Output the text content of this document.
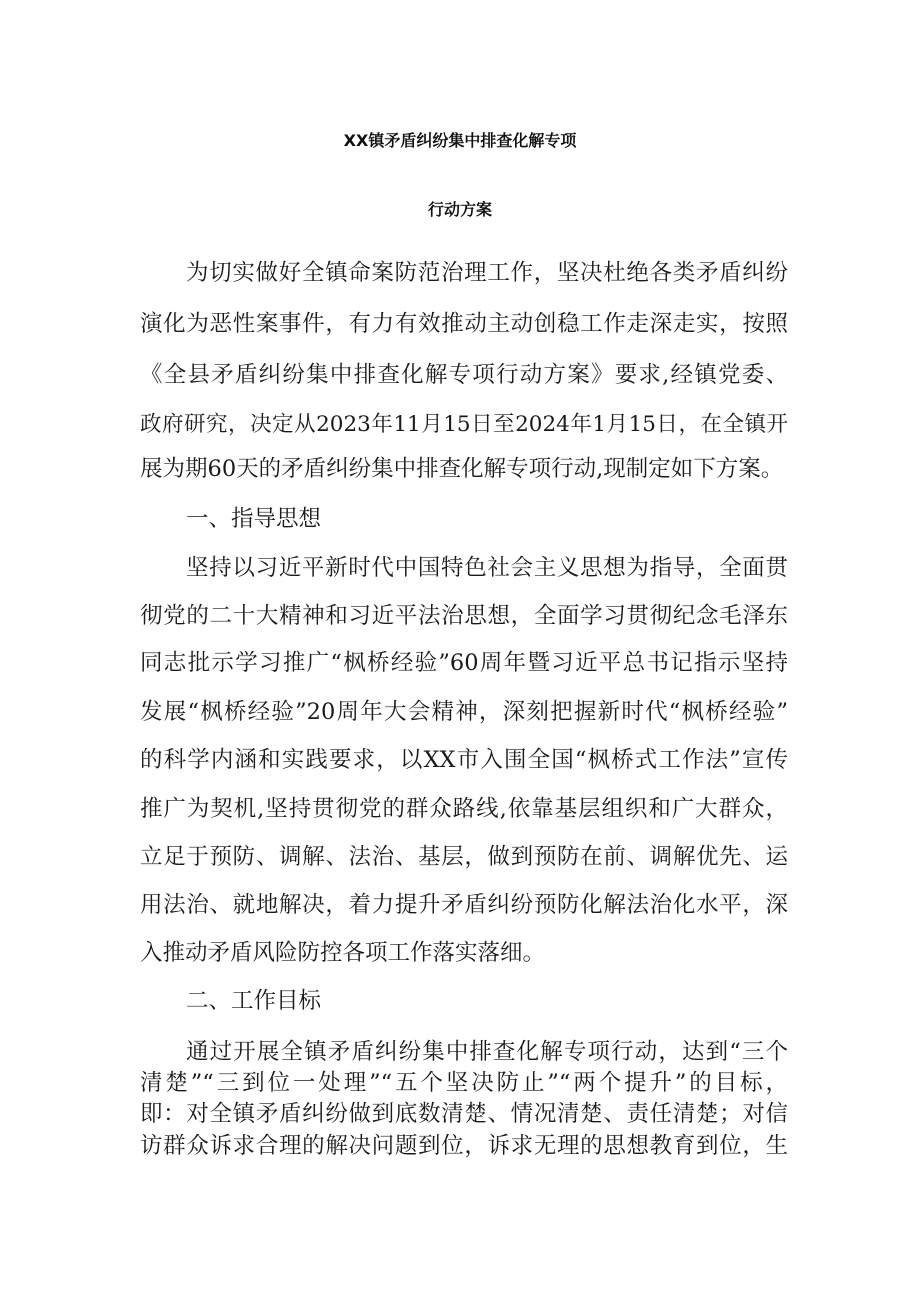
XX镇矛盾纠纷集中排查化解专项
行动方案
为切实做好全镇命案防范治理工作，坚决杜绝各类矛盾纠纷
演化为恶性案事件，有力有效推动主动创稳工作走深走实，按照
《全县矛盾纠纷集中排查化解专项行动方案》要求,经镇党委、
政府研究，决定从2023年11月15日至2024年1月15日，在全镇开
展为期60天的矛盾纠纷集中排查化解专项行动,现制定如下方案。
一、指导思想
坚持以习近平新时代中国特色社会主义思想为指导，全面贯
彻党的二十大精神和习近平法治思想，全面学习贯彻纪念毛泽东
同志批示学习推广“枫桥经验”60周年暨习近平总书记指示坚持
发展“枫桥经验”20周年大会精神，深刻把握新时代“枫桥经验”
的科学内涵和实践要求，以XX市入围全国“枫桥式工作法”宣传
推广为契机,坚持贯彻党的群众路线,依靠基层组织和广大群众，
立足于预防、调解、法治、基层，做到预防在前、调解优先、运
用法治、就地解决，着力提升矛盾纠纷预防化解法治化水平，深
入推动矛盾风险防控各项工作落实落细。
二、工作目标
通过开展全镇矛盾纠纷集中排查化解专项行动，达到“三个
清楚”“三到位一处理”“五个坚决防止”“两个提升”的目标，
即：对全镇矛盾纠纷做到底数清楚、情况清楚、责任清楚；对信
访群众诉求合理的解决问题到位，诉求无理的思想教育到位，生
